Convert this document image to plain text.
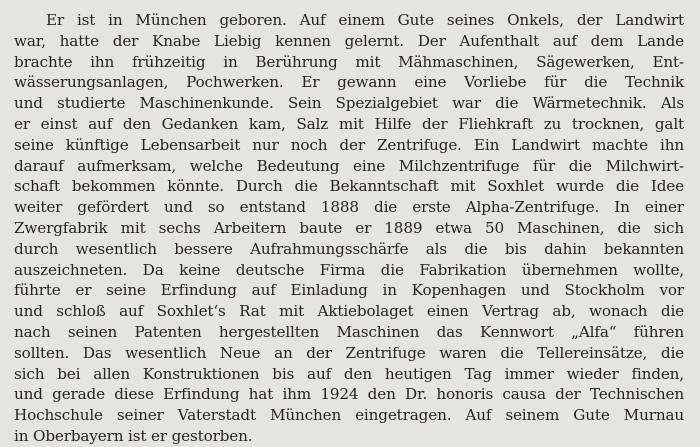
Er ist in München geboren. Auf einem Gute seines Onkels, der Landwirt
war, hatte der Knabe Liebig kennen gelernt. Der Aufenthalt auf dem Lande
brachte ihn frühzeitig in Berührung mit Mähmaschinen, Sägewerken, Ent-
wässerungsanlagen, Pochwerken. Er gewann eine Vorliebe für die Technik
und studierte Maschinenkunde. Sein Spezialgebiet war die Wärmetechnik. Als
er einst auf den Gedanken kam, Salz mit Hilfe der Fliehkraft zu trocknen, galt
seine künftige Lebensarbeit nur noch der Zentrifuge. Ein Landwirt machte ihn
darauf aufmerksam, welche Bedeutung eine Milchzentrifuge für die Milchwirt-
schaft bekommen könnte. Durch die Bekanntschaft mit Soxhlet wurde die Idee
weiter gefördert und so entstand 1888 die erste Alpha-Zentrifuge. In einer
Zwergfabrik mit sechs Arbeitern baute er 1889 etwa 50 Maschinen, die sich
durch wesentlich bessere Aufrahmungsschärfe als die bis dahin bekannten
auszeichneten. Da keine deutsche Firma die Fabrikation übernehmen wollte,
führte er seine Erfindung auf Einladung in Kopenhagen und Stockholm vor
und schloß auf Soxhlet‘s Rat mit Aktiebolaget einen Vertrag ab, wonach die
nach seinen Patenten hergestellten Maschinen das Kennwort „Alfa“ führen
sollten. Das wesentlich Neue an der Zentrifuge waren die Tellereinsätze, die
sich bei allen Konstruktionen bis auf den heutigen Tag immer wieder finden,
und gerade diese Erfindung hat ihm 1924 den Dr. honoris causa der Technischen
Hochschule seiner Vaterstadt München eingetragen. Auf seinem Gute Murnau
in Oberbayern ist er gestorben.
